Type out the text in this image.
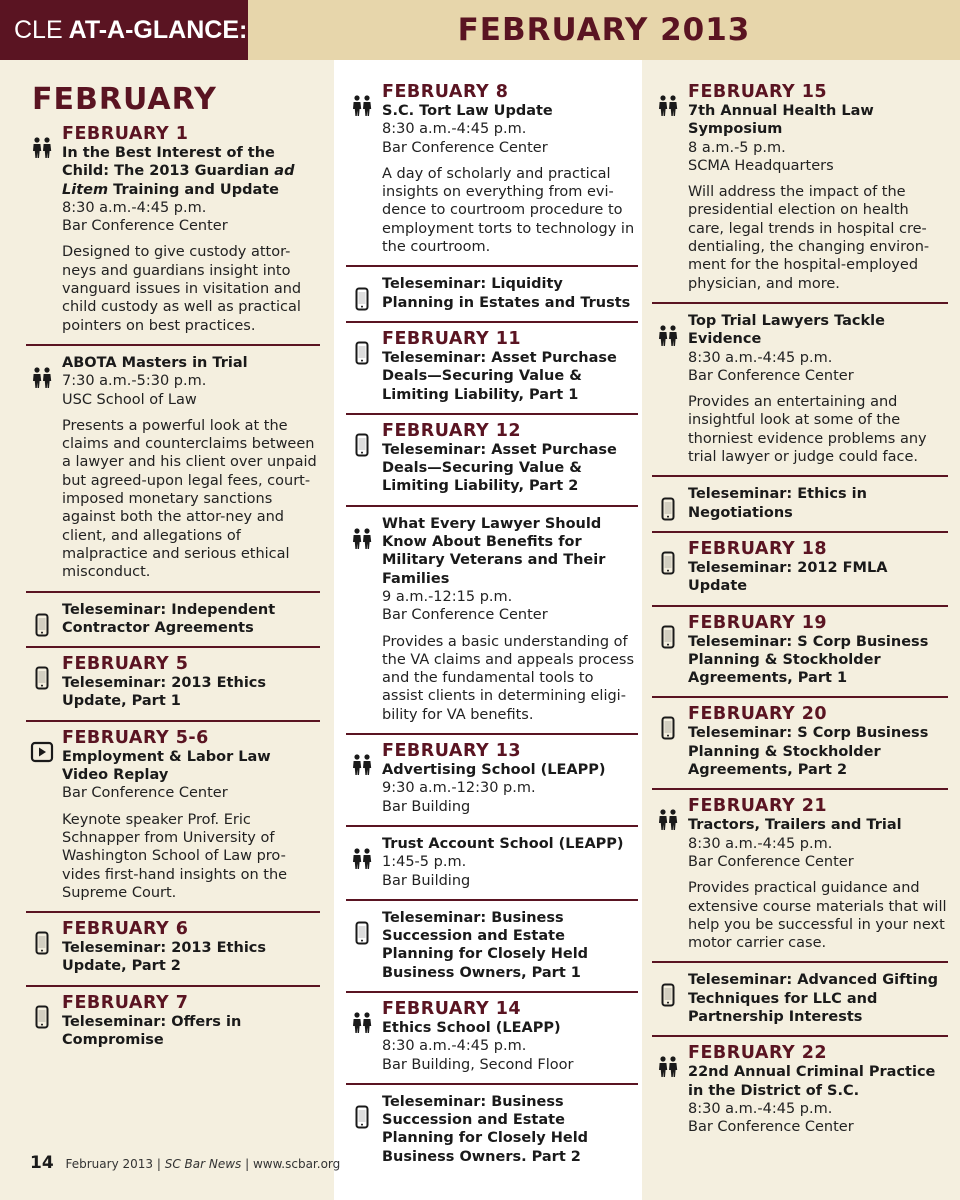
CLE AT-A-GLANCE:	FEBRUARY 2013
FEBRUARY
FEBRUARY 1
In the Best Interest of the Child: The 2013 Guardian ad Litem Training and Update
8:30 a.m.-4:45 p.m.
Bar Conference Center
Designed to give custody attor-neys and guardians insight into vanguard issues in visitation and child custody as well as practical pointers on best practices.
ABOTA Masters in Trial
7:30 a.m.-5:30 p.m.
USC School of Law
Presents a powerful look at the claims and counterclaims between a lawyer and his client over unpaid but agreed-upon legal fees, court-imposed monetary sanctions against both the attor-ney and client, and allegations of malpractice and serious ethical misconduct.
Teleseminar: Independent Contractor Agreements
FEBRUARY 5
Teleseminar: 2013 Ethics Update, Part 1
FEBRUARY 5-6
Employment & Labor Law Video Replay
Bar Conference Center
Keynote speaker Prof. Eric Schnapper from University of Washington School of Law pro-vides first-hand insights on the Supreme Court.
FEBRUARY 6
Teleseminar: 2013 Ethics Update, Part 2
FEBRUARY 7
Teleseminar: Offers in Compromise
FEBRUARY 8
S.C. Tort Law Update
8:30 a.m.-4:45 p.m.
Bar Conference Center
A day of scholarly and practical insights on everything from evi-dence to courtroom procedure to employment torts to technology in the courtroom.
Teleseminar: Liquidity Planning in Estates and Trusts
FEBRUARY 11
Teleseminar: Asset Purchase Deals—Securing Value & Limiting Liability, Part 1
FEBRUARY 12
Teleseminar: Asset Purchase Deals—Securing Value & Limiting Liability, Part 2
What Every Lawyer Should Know About Benefits for Military Veterans and Their Families
9 a.m.-12:15 p.m.
Bar Conference Center
Provides a basic understanding of the VA claims and appeals process and the fundamental tools to assist clients in determining eligi-bility for VA benefits.
FEBRUARY 13
Advertising School (LEAPP)
9:30 a.m.-12:30 p.m.
Bar Building
Trust Account School (LEAPP)
1:45-5 p.m.
Bar Building
Teleseminar: Business Succession and Estate Planning for Closely Held Business Owners, Part 1
FEBRUARY 14
Ethics School (LEAPP)
8:30 a.m.-4:45 p.m.
Bar Building, Second Floor
Teleseminar: Business Succession and Estate Planning for Closely Held Business Owners. Part 2
FEBRUARY 15
7th Annual Health Law Symposium
8 a.m.-5 p.m.
SCMA Headquarters
Will address the impact of the presidential election on health care, legal trends in hospital cre-dentialing, the changing environ-ment for the hospital-employed physician, and more.
Top Trial Lawyers Tackle Evidence
8:30 a.m.-4:45 p.m.
Bar Conference Center
Provides an entertaining and insightful look at some of the thorniest evidence problems any trial lawyer or judge could face.
Teleseminar: Ethics in Negotiations
FEBRUARY 18
Teleseminar: 2012 FMLA Update
FEBRUARY 19
Teleseminar: S Corp Business Planning & Stockholder Agreements, Part 1
FEBRUARY 20
Teleseminar: S Corp Business Planning & Stockholder Agreements, Part 2
FEBRUARY 21
Tractors, Trailers and Trial
8:30 a.m.-4:45 p.m.
Bar Conference Center
Provides practical guidance and extensive course materials that will help you be successful in your next motor carrier case.
Teleseminar: Advanced Gifting Techniques for LLC and Partnership Interests
FEBRUARY 22
22nd Annual Criminal Practice in the District of S.C.
8:30 a.m.-4:45 p.m.
Bar Conference Center
14 February 2013 | SC Bar News | www.scbar.org
